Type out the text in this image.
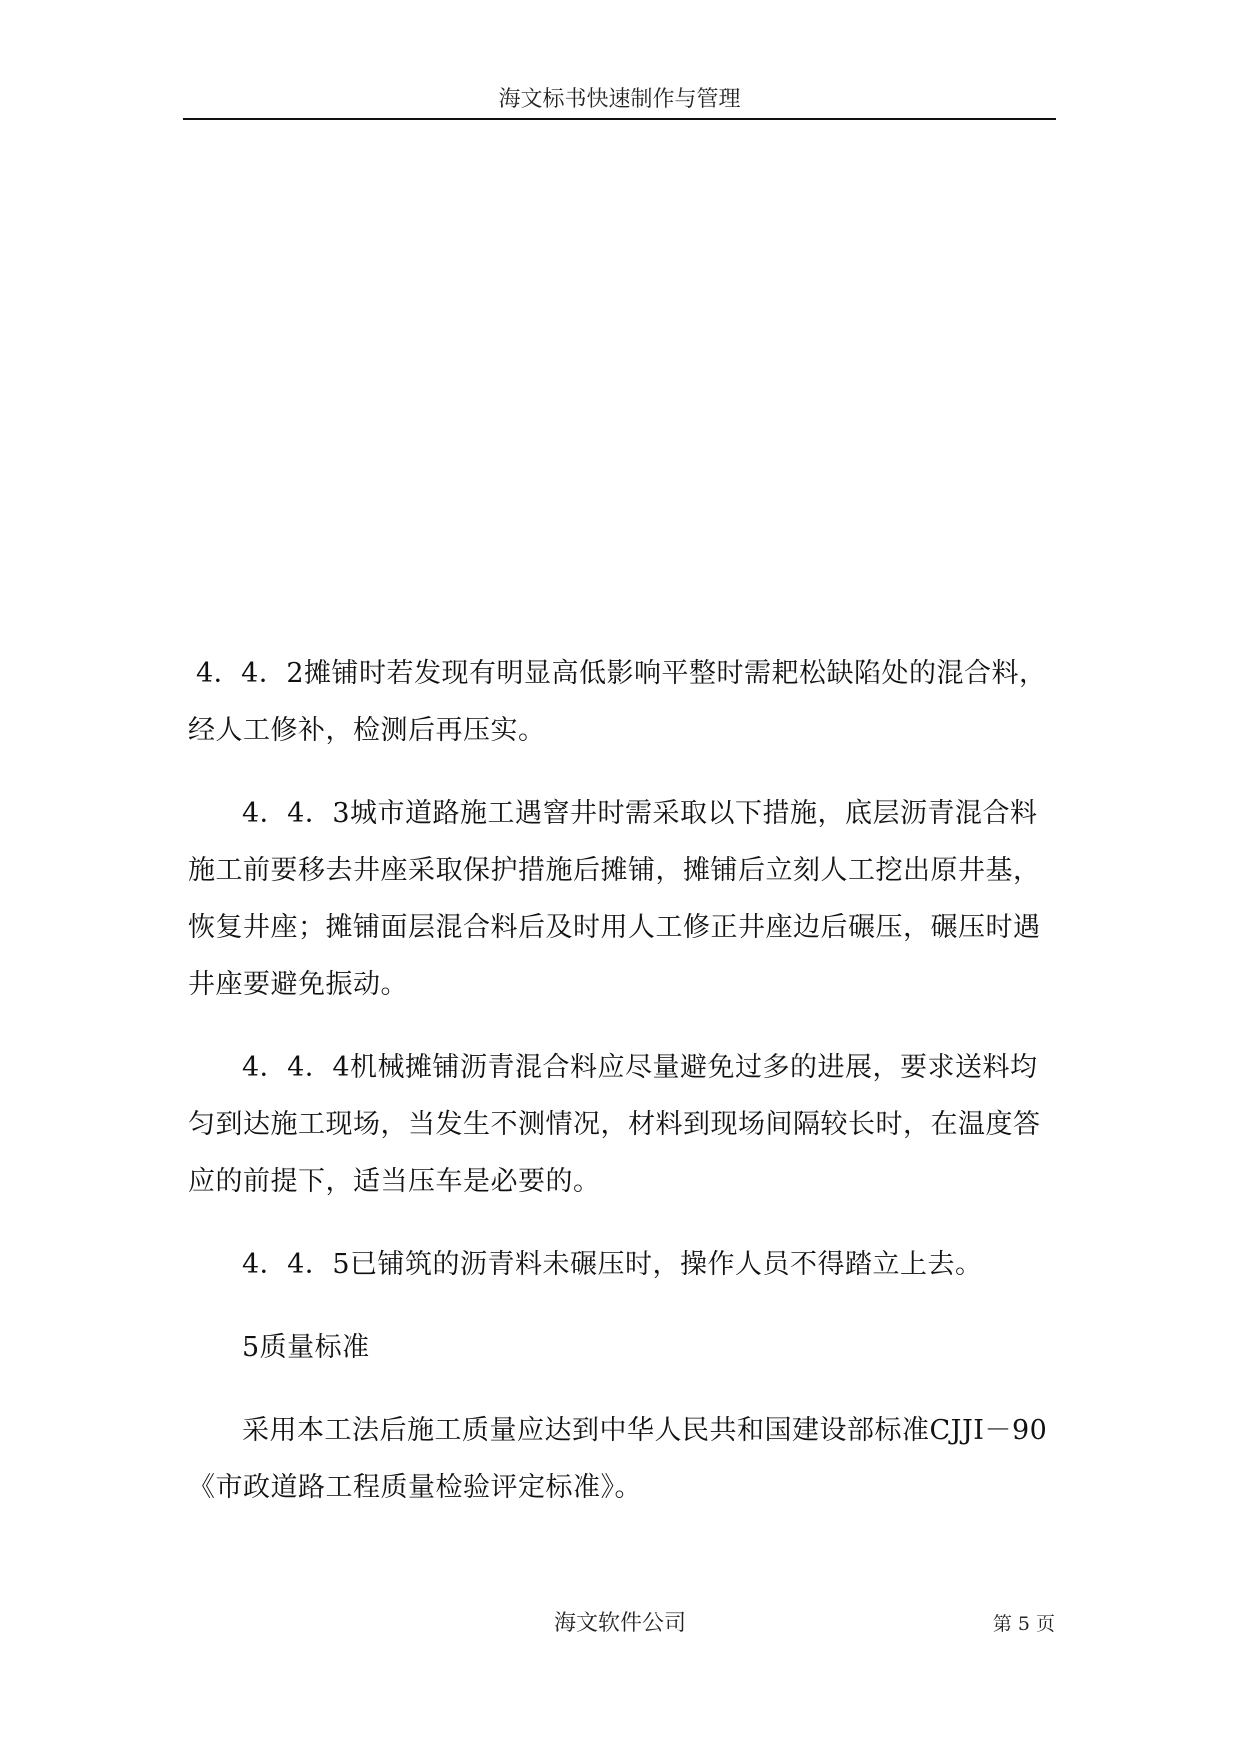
海文标书快速制作与管理

4．4．2摊铺时若发现有明显高低影响平整时需耙松缺陷处的混合料，经人工修补，检测后再压实。

4．4．3城市道路施工遇窨井时需采取以下措施，底层沥青混合料施工前要移去井座采取保护措施后摊铺，摊铺后立刻人工挖出原井基，恢复井座；摊铺面层混合料后及时用人工修正井座边后碾压，碾压时遇井座要避免振动。

4．4．4机械摊铺沥青混合料应尽量避免过多的进展，要求送料均匀到达施工现场，当发生不测情况，材料到现场间隔较长时，在温度答应的前提下，适当压车是必要的。

4．4．5已铺筑的沥青料未碾压时，操作人员不得踏立上去。

5质量标准

采用本工法后施工质量应达到中华人民共和国建设部标准CJJI－90《市政道路工程质量检验评定标准》。

海文软件公司	第 5 页
